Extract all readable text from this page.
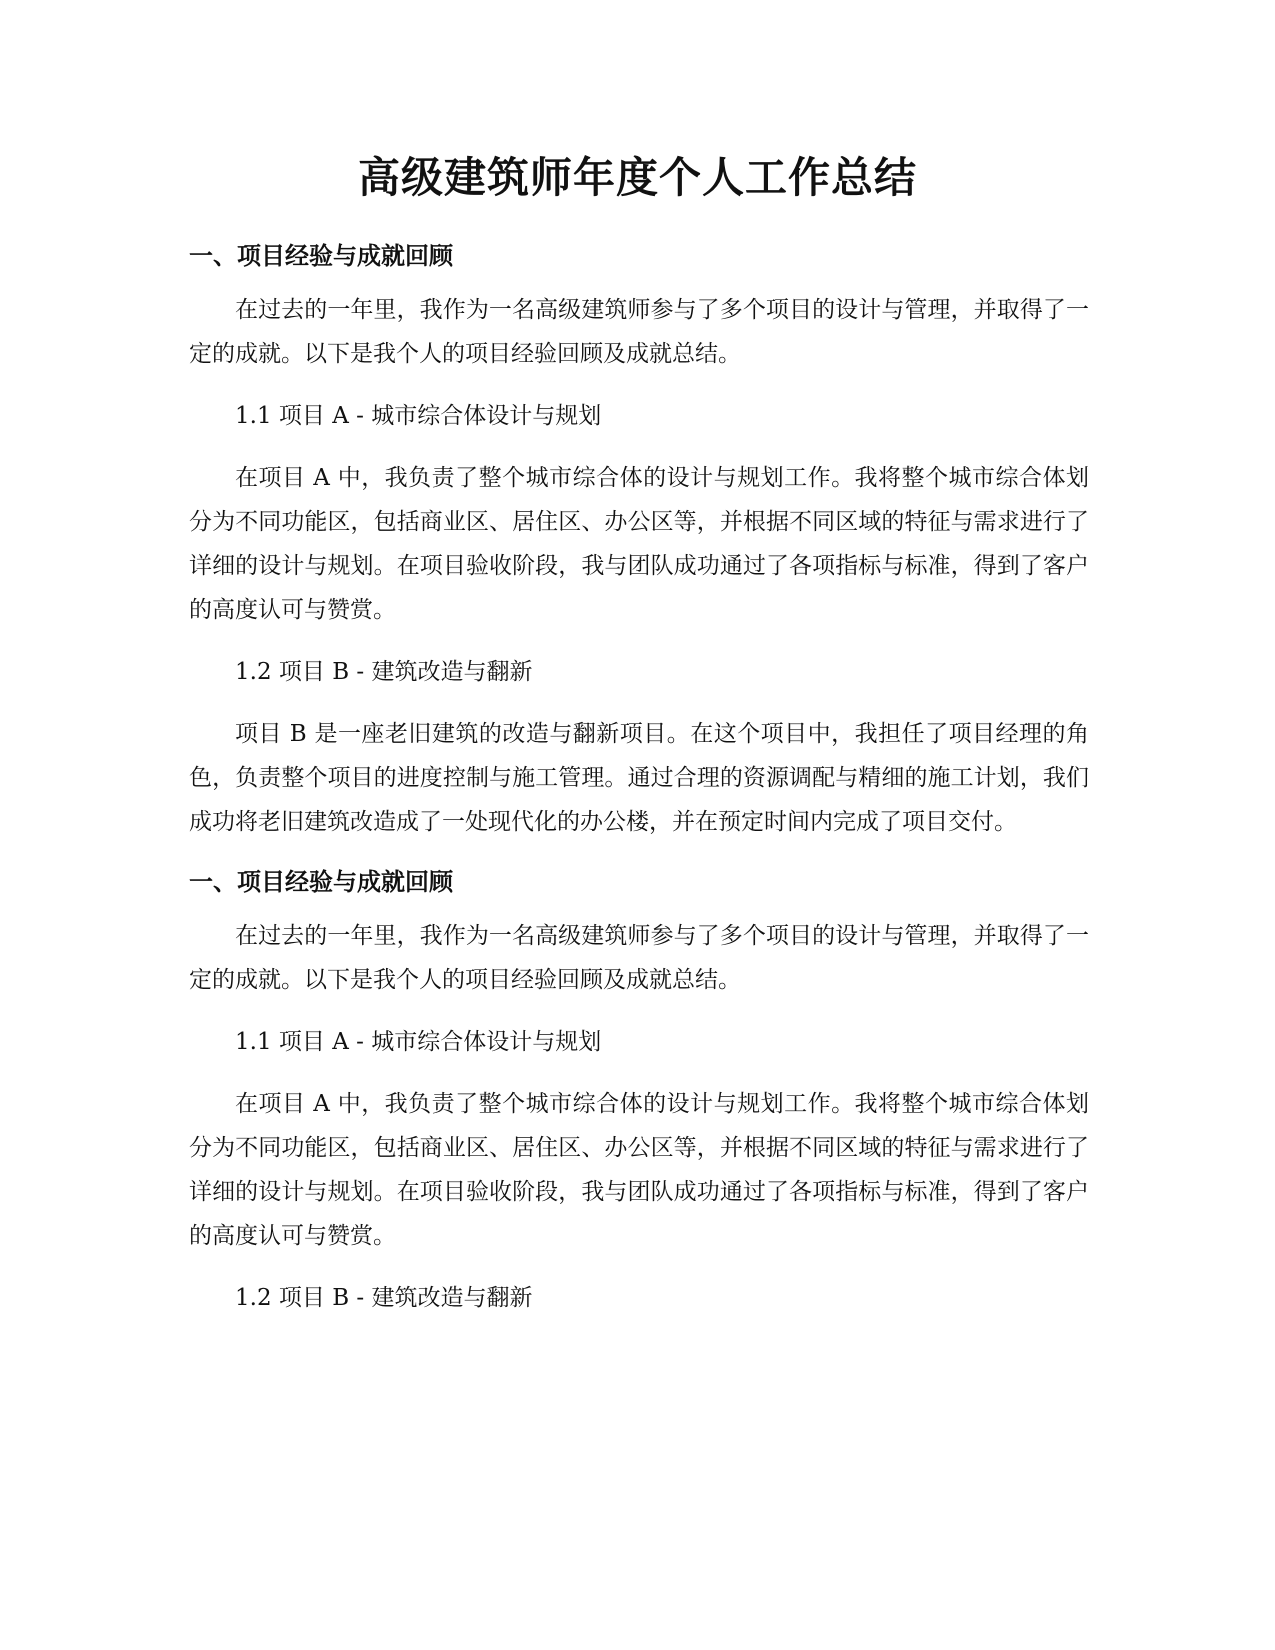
高级建筑师年度个人工作总结
一、项目经验与成就回顾

在过去的一年里，我作为一名高级建筑师参与了多个项目的设计与管理，并取得了一定的成就。以下是我个人的项目经验回顾及成就总结。

1.1 项目 A - 城市综合体设计与规划

在项目 A 中，我负责了整个城市综合体的设计与规划工作。我将整个城市综合体划分为不同功能区，包括商业区、居住区、办公区等，并根据不同区域的特征与需求进行了详细的设计与规划。在项目验收阶段，我与团队成功通过了各项指标与标准，得到了客户的高度认可与赞赏。

1.2 项目 B - 建筑改造与翻新

项目 B 是一座老旧建筑的改造与翻新项目。在这个项目中，我担任了项目经理的角色，负责整个项目的进度控制与施工管理。通过合理的资源调配与精细的施工计划，我们成功将老旧建筑改造成了一处现代化的办公楼，并在预定时间内完成了项目交付。

一、项目经验与成就回顾

在过去的一年里，我作为一名高级建筑师参与了多个项目的设计与管理，并取得了一定的成就。以下是我个人的项目经验回顾及成就总结。

1.1 项目 A - 城市综合体设计与规划

在项目 A 中，我负责了整个城市综合体的设计与规划工作。我将整个城市综合体划分为不同功能区，包括商业区、居住区、办公区等，并根据不同区域的特征与需求进行了详细的设计与规划。在项目验收阶段，我与团队成功通过了各项指标与标准，得到了客户的高度认可与赞赏。

1.2 项目 B - 建筑改造与翻新
